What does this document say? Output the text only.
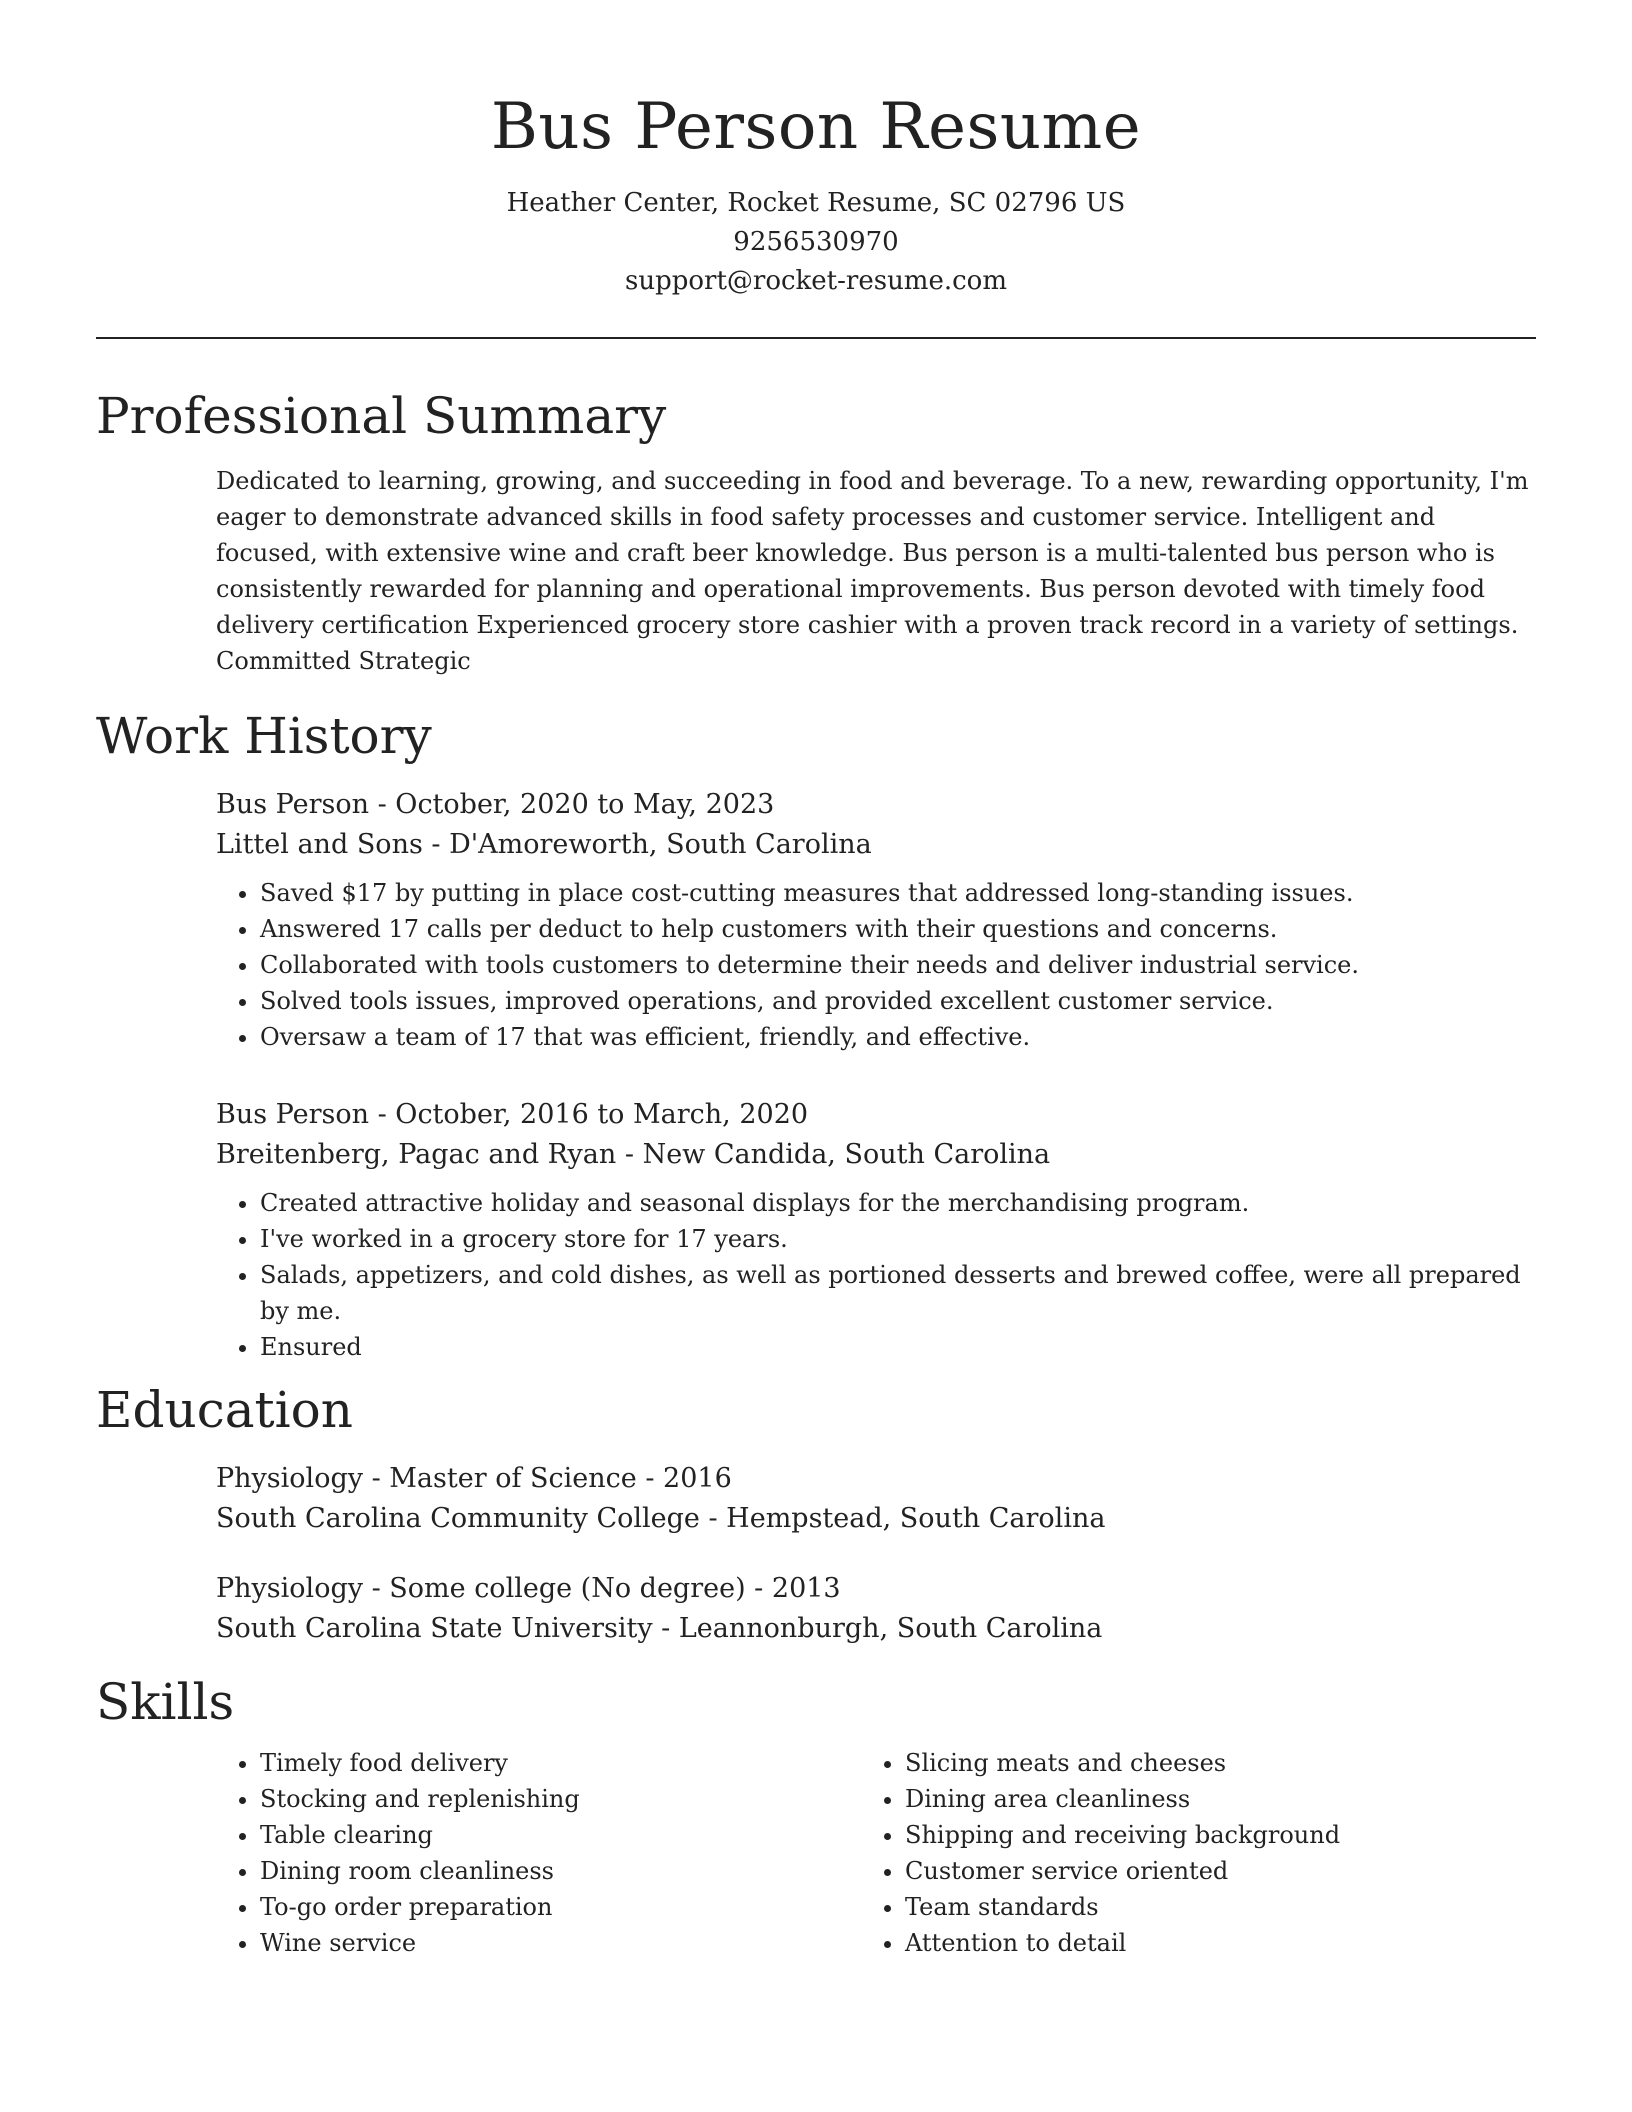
Bus Person Resume
Heather Center, Rocket Resume, SC 02796 US
9256530970
support@rocket-resume.com
Professional Summary
Dedicated to learning, growing, and succeeding in food and beverage. To a new, rewarding opportunity, I'm eager to demonstrate advanced skills in food safety processes and customer service. Intelligent and focused, with extensive wine and craft beer knowledge. Bus person is a multi-talented bus person who is consistently rewarded for planning and operational improvements. Bus person devoted with timely food delivery certification Experienced grocery store cashier with a proven track record in a variety of settings. Committed Strategic
Work History
Bus Person - October, 2020 to May, 2023
Littel and Sons - D'Amoreworth, South Carolina
• Saved $17 by putting in place cost-cutting measures that addressed long-standing issues.
• Answered 17 calls per deduct to help customers with their questions and concerns.
• Collaborated with tools customers to determine their needs and deliver industrial service.
• Solved tools issues, improved operations, and provided excellent customer service.
• Oversaw a team of 17 that was efficient, friendly, and effective.
Bus Person - October, 2016 to March, 2020
Breitenberg, Pagac and Ryan - New Candida, South Carolina
• Created attractive holiday and seasonal displays for the merchandising program.
• I've worked in a grocery store for 17 years.
• Salads, appetizers, and cold dishes, as well as portioned desserts and brewed coffee, were all prepared by me.
• Ensured
Education
Physiology - Master of Science - 2016
South Carolina Community College - Hempstead, South Carolina
Physiology - Some college (No degree) - 2013
South Carolina State University - Leannonburgh, South Carolina
Skills
• Timely food delivery
• Stocking and replenishing
• Table clearing
• Dining room cleanliness
• To-go order preparation
• Wine service
• Slicing meats and cheeses
• Dining area cleanliness
• Shipping and receiving background
• Customer service oriented
• Team standards
• Attention to detail
